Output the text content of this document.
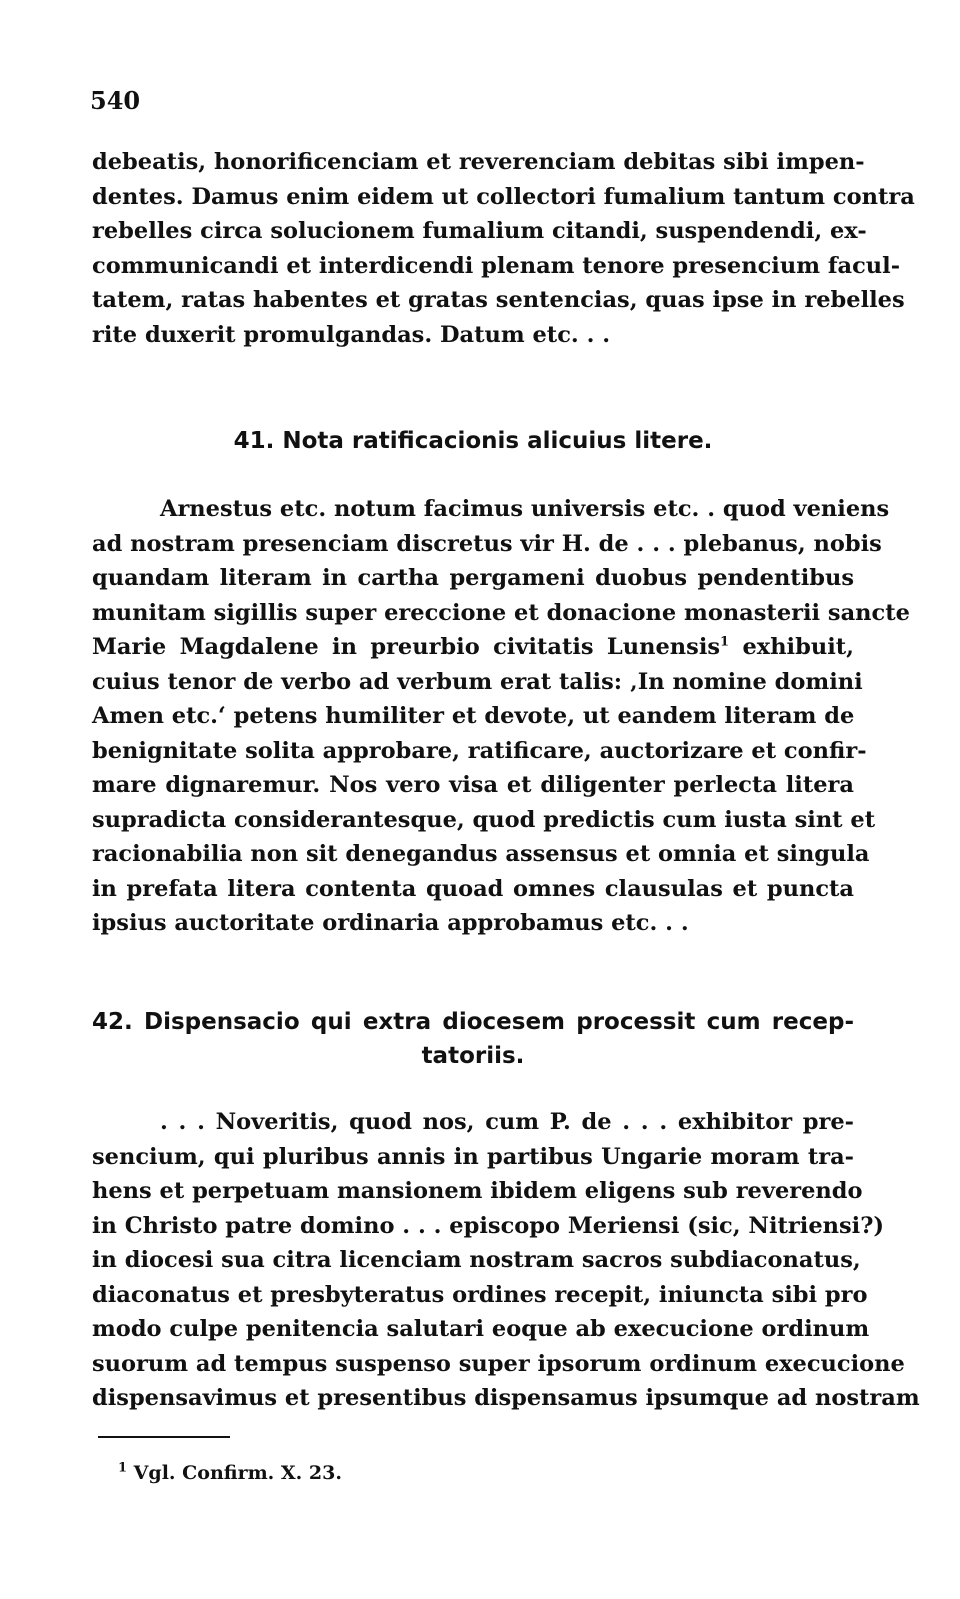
540
debeatis, honorificenciam et reverenciam debitas sibi impen-
dentes. Damus enim eidem ut collectori fumalium tantum contra
rebelles circa solucionem fumalium citandi, suspendendi, ex-
communicandi et interdicendi plenam tenore presencium facul-
tatem, ratas habentes et gratas sentencias, quas ipse in rebelles
rite duxerit promulgandas. Datum etc. . .
41. Nota ratificacionis alicuius litere.
Arnestus etc. notum facimus universis etc. . quod veniens
ad nostram presenciam discretus vir H. de . . . plebanus, nobis
quandam literam in cartha pergameni duobus pendentibus
munitam sigillis super ereccione et donacione monasterii sancte
Marie Magdalene in preurbio civitatis Lunensis$^1$ exhibuit,
cuius tenor de verbo ad verbum erat talis: ‚In nomine domini
Amen etc.‘ petens humiliter et devote, ut eandem literam de
benignitate solita approbare, ratificare, auctorizare et confir-
mare dignaremur. Nos vero visa et diligenter perlecta litera
supradicta considerantesque, quod predictis cum iusta sint et
racionabilia non sit denegandus assensus et omnia et singula
in prefata litera contenta quoad omnes clausulas et puncta
ipsius auctoritate ordinaria approbamus etc. . .
42. Dispensacio qui extra diocesem processit cum recep-
tatoriis.
. . . Noveritis, quod nos, cum P. de . . . exhibitor pre-
sencium, qui pluribus annis in partibus Ungarie moram tra-
hens et perpetuam mansionem ibidem eligens sub reverendo
in Christo patre domino . . . episcopo Meriensi (sic, Nitriensi?)
in diocesi sua citra licenciam nostram sacros subdiaconatus,
diaconatus et presbyteratus ordines recepit, iniuncta sibi pro
modo culpe penitencia salutari eoque ab execucione ordinum
suorum ad tempus suspenso super ipsorum ordinum execucione
dispensavimus et presentibus dispensamus ipsumque ad nostram
$^1$ Vgl. Confirm. X. 23.
